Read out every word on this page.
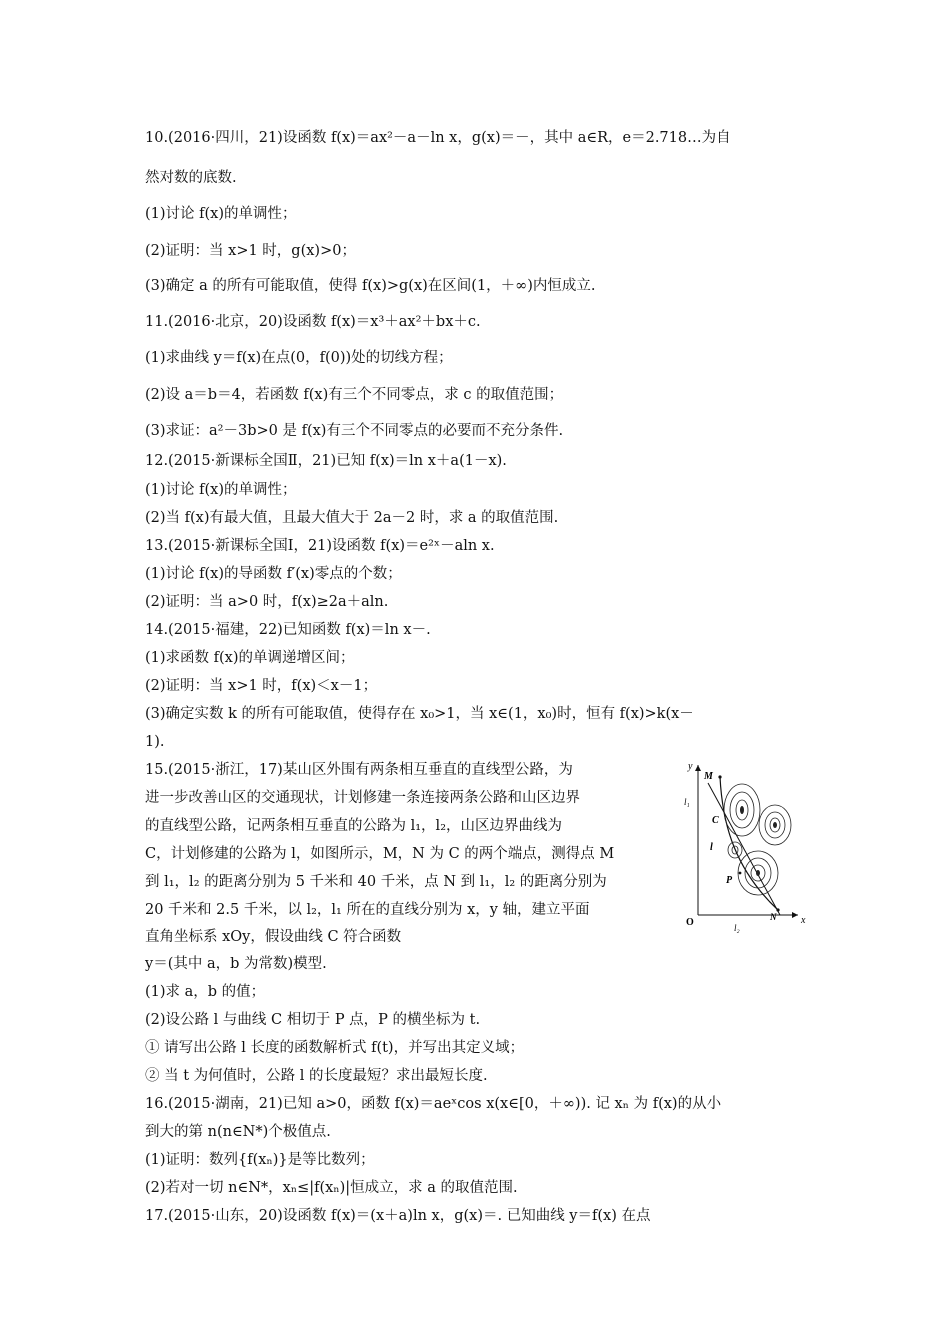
10.(2016·四川，21)设函数 f(x)＝ax²－a－ln x，g(x)＝－，其中 a∈R，e＝2.718…为自
然对数的底数.
(1)讨论 f(x)的单调性；
(2)证明：当 x>1 时，g(x)>0；
(3)确定 a 的所有可能取值，使得 f(x)>g(x)在区间(1，＋∞)内恒成立.
11.(2016·北京，20)设函数 f(x)＝x³＋ax²＋bx＋c.
(1)求曲线 y＝f(x)在点(0，f(0))处的切线方程；
(2)设 a＝b＝4，若函数 f(x)有三个不同零点，求 c 的取值范围；
(3)求证：a²－3b>0 是 f(x)有三个不同零点的必要而不充分条件.
12.(2015·新课标全国Ⅱ，21)已知 f(x)＝ln x＋a(1－x).
(1)讨论 f(x)的单调性；
(2)当 f(x)有最大值，且最大值大于 2a－2 时，求 a 的取值范围.
13.(2015·新课标全国Ⅰ，21)设函数 f(x)＝e²ˣ－aln x.
(1)讨论 f(x)的导函数 f′(x)零点的个数；
(2)证明：当 a>0 时，f(x)≥2a＋aln.
14.(2015·福建，22)已知函数 f(x)＝ln x－.
(1)求函数 f(x)的单调递增区间；
(2)证明：当 x>1 时，f(x)＜x－1；
(3)确定实数 k 的所有可能取值，使得存在 x₀>1，当 x∈(1，x₀)时，恒有 f(x)>k(x－
1).
15.(2015·浙江，17)某山区外围有两条相互垂直的直线型公路，为
进一步改善山区的交通现状，计划修建一条连接两条公路和山区边界
的直线型公路，记两条相互垂直的公路为 l₁，l₂，山区边界曲线为
C，计划修建的公路为 l，如图所示，M，N 为 C 的两个端点，测得点 M
到 l₁，l₂ 的距离分别为 5 千米和 40 千米，点 N 到 l₁，l₂ 的距离分别为
20 千米和 2.5 千米，以 l₂，l₁ 所在的直线分别为 x，y 轴，建立平面
直角坐标系 xOy，假设曲线 C 符合函数
y＝(其中 a，b 为常数)模型.
(1)求 a，b 的值；
(2)设公路 l 与曲线 C 相切于 P 点，P 的横坐标为 t.
① 请写出公路 l 长度的函数解析式 f(t)，并写出其定义域；
② 当 t 为何值时，公路 l 的长度最短？求出最短长度.
16.(2015·湖南，21)已知 a>0，函数 f(x)＝aeˣcos x(x∈[0，＋∞)). 记 xₙ 为 f(x)的从小
到大的第 n(n∈N*)个极值点.
(1)证明：数列{f(xₙ)}是等比数列；
(2)若对一切 n∈N*，xₙ≤|f(xₙ)|恒成立，求 a 的取值范围.
17.(2015·山东，20)设函数 f(x)＝(x＋a)ln x，g(x)＝. 已知曲线 y＝f(x) 在点
y
x
O
M
N
P
C
l
l₁
l₂
